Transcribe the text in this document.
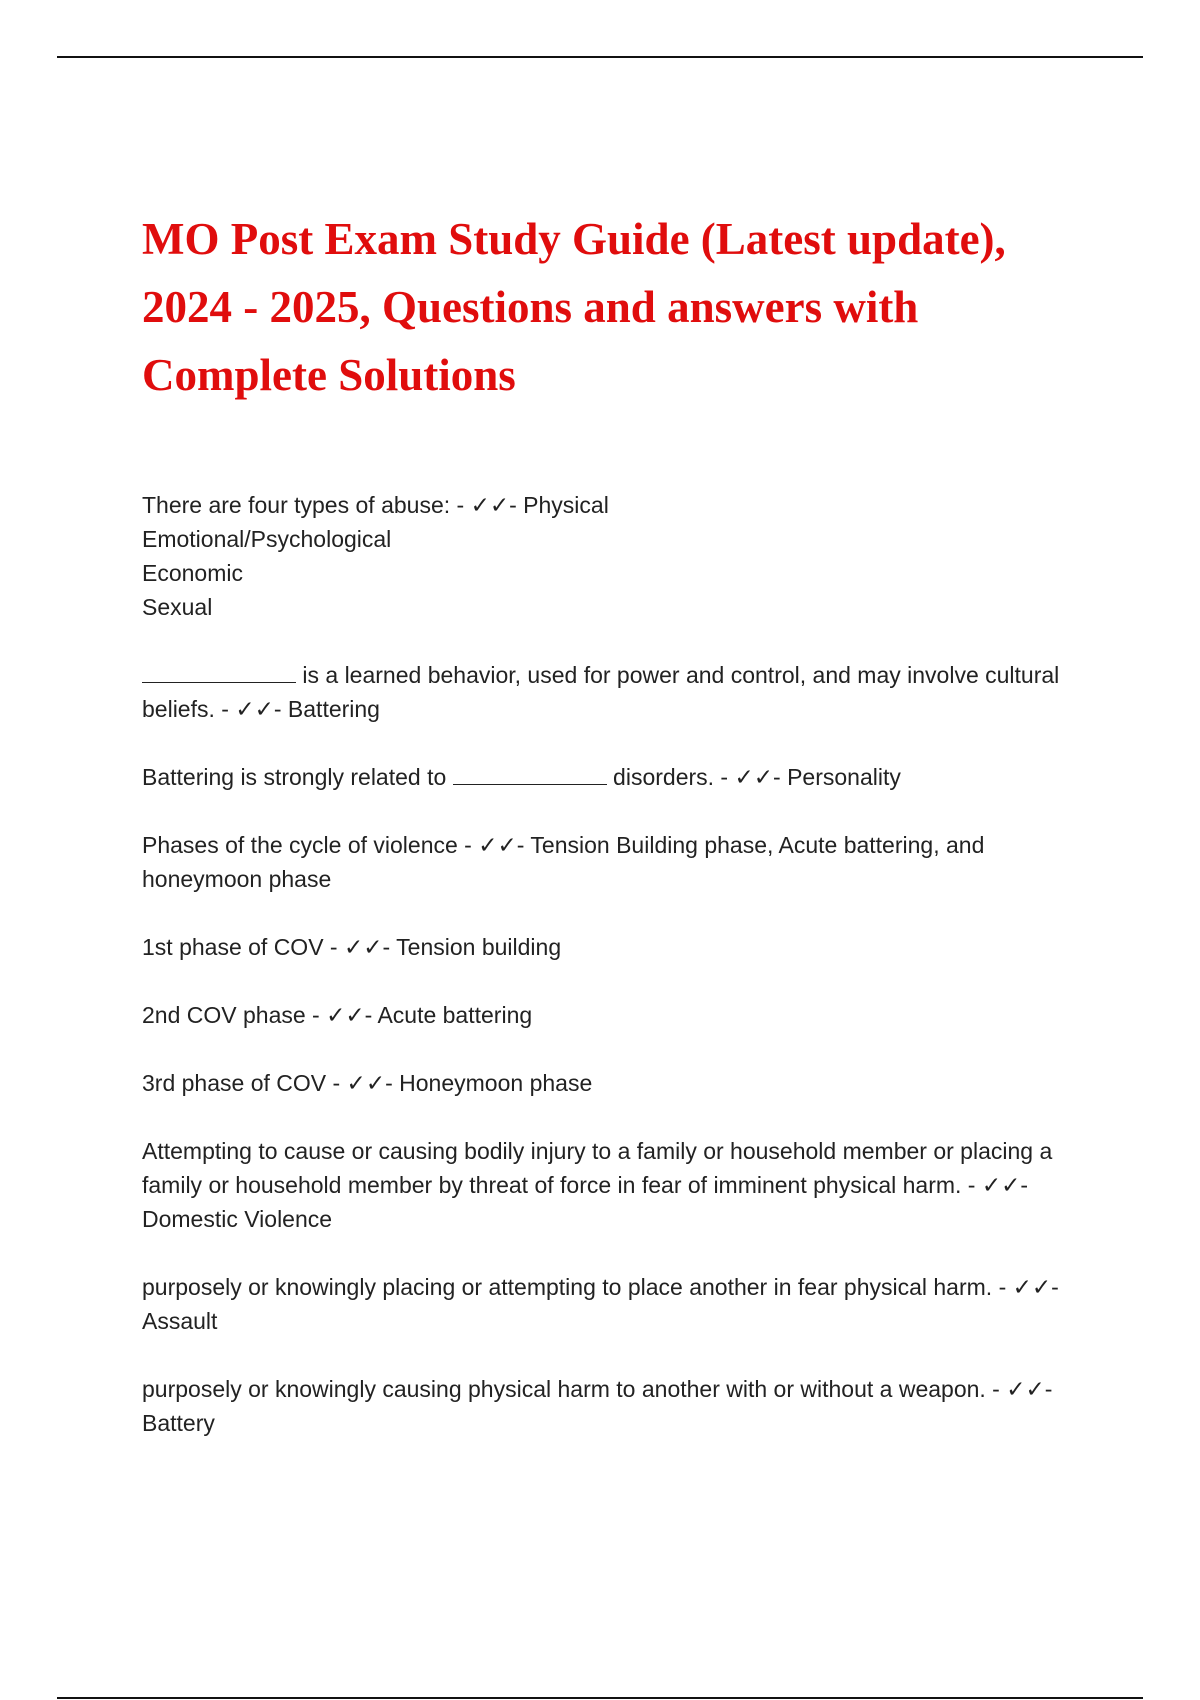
MO Post Exam Study Guide (Latest update), 2024 - 2025, Questions and answers with Complete Solutions
There are four types of abuse: - ✓✓- Physical
Emotional/Psychological
Economic
Sexual
is a learned behavior, used for power and control, and may involve cultural beliefs. - ✓✓- Battering
Battering is strongly related to	disorders. - ✓✓- Personality
Phases of the cycle of violence - ✓✓- Tension Building phase, Acute battering, and honeymoon phase
1st phase of COV - ✓✓- Tension building
2nd COV phase - ✓✓- Acute battering
3rd phase of COV - ✓✓- Honeymoon phase
Attempting to cause or causing bodily injury to a family or household member or placing a family or household member by threat of force in fear of imminent physical harm. - ✓✓- Domestic Violence
purposely or knowingly placing or attempting to place another in fear physical harm. - ✓✓- Assault
purposely or knowingly causing physical harm to another with or without a weapon. - ✓✓- Battery
